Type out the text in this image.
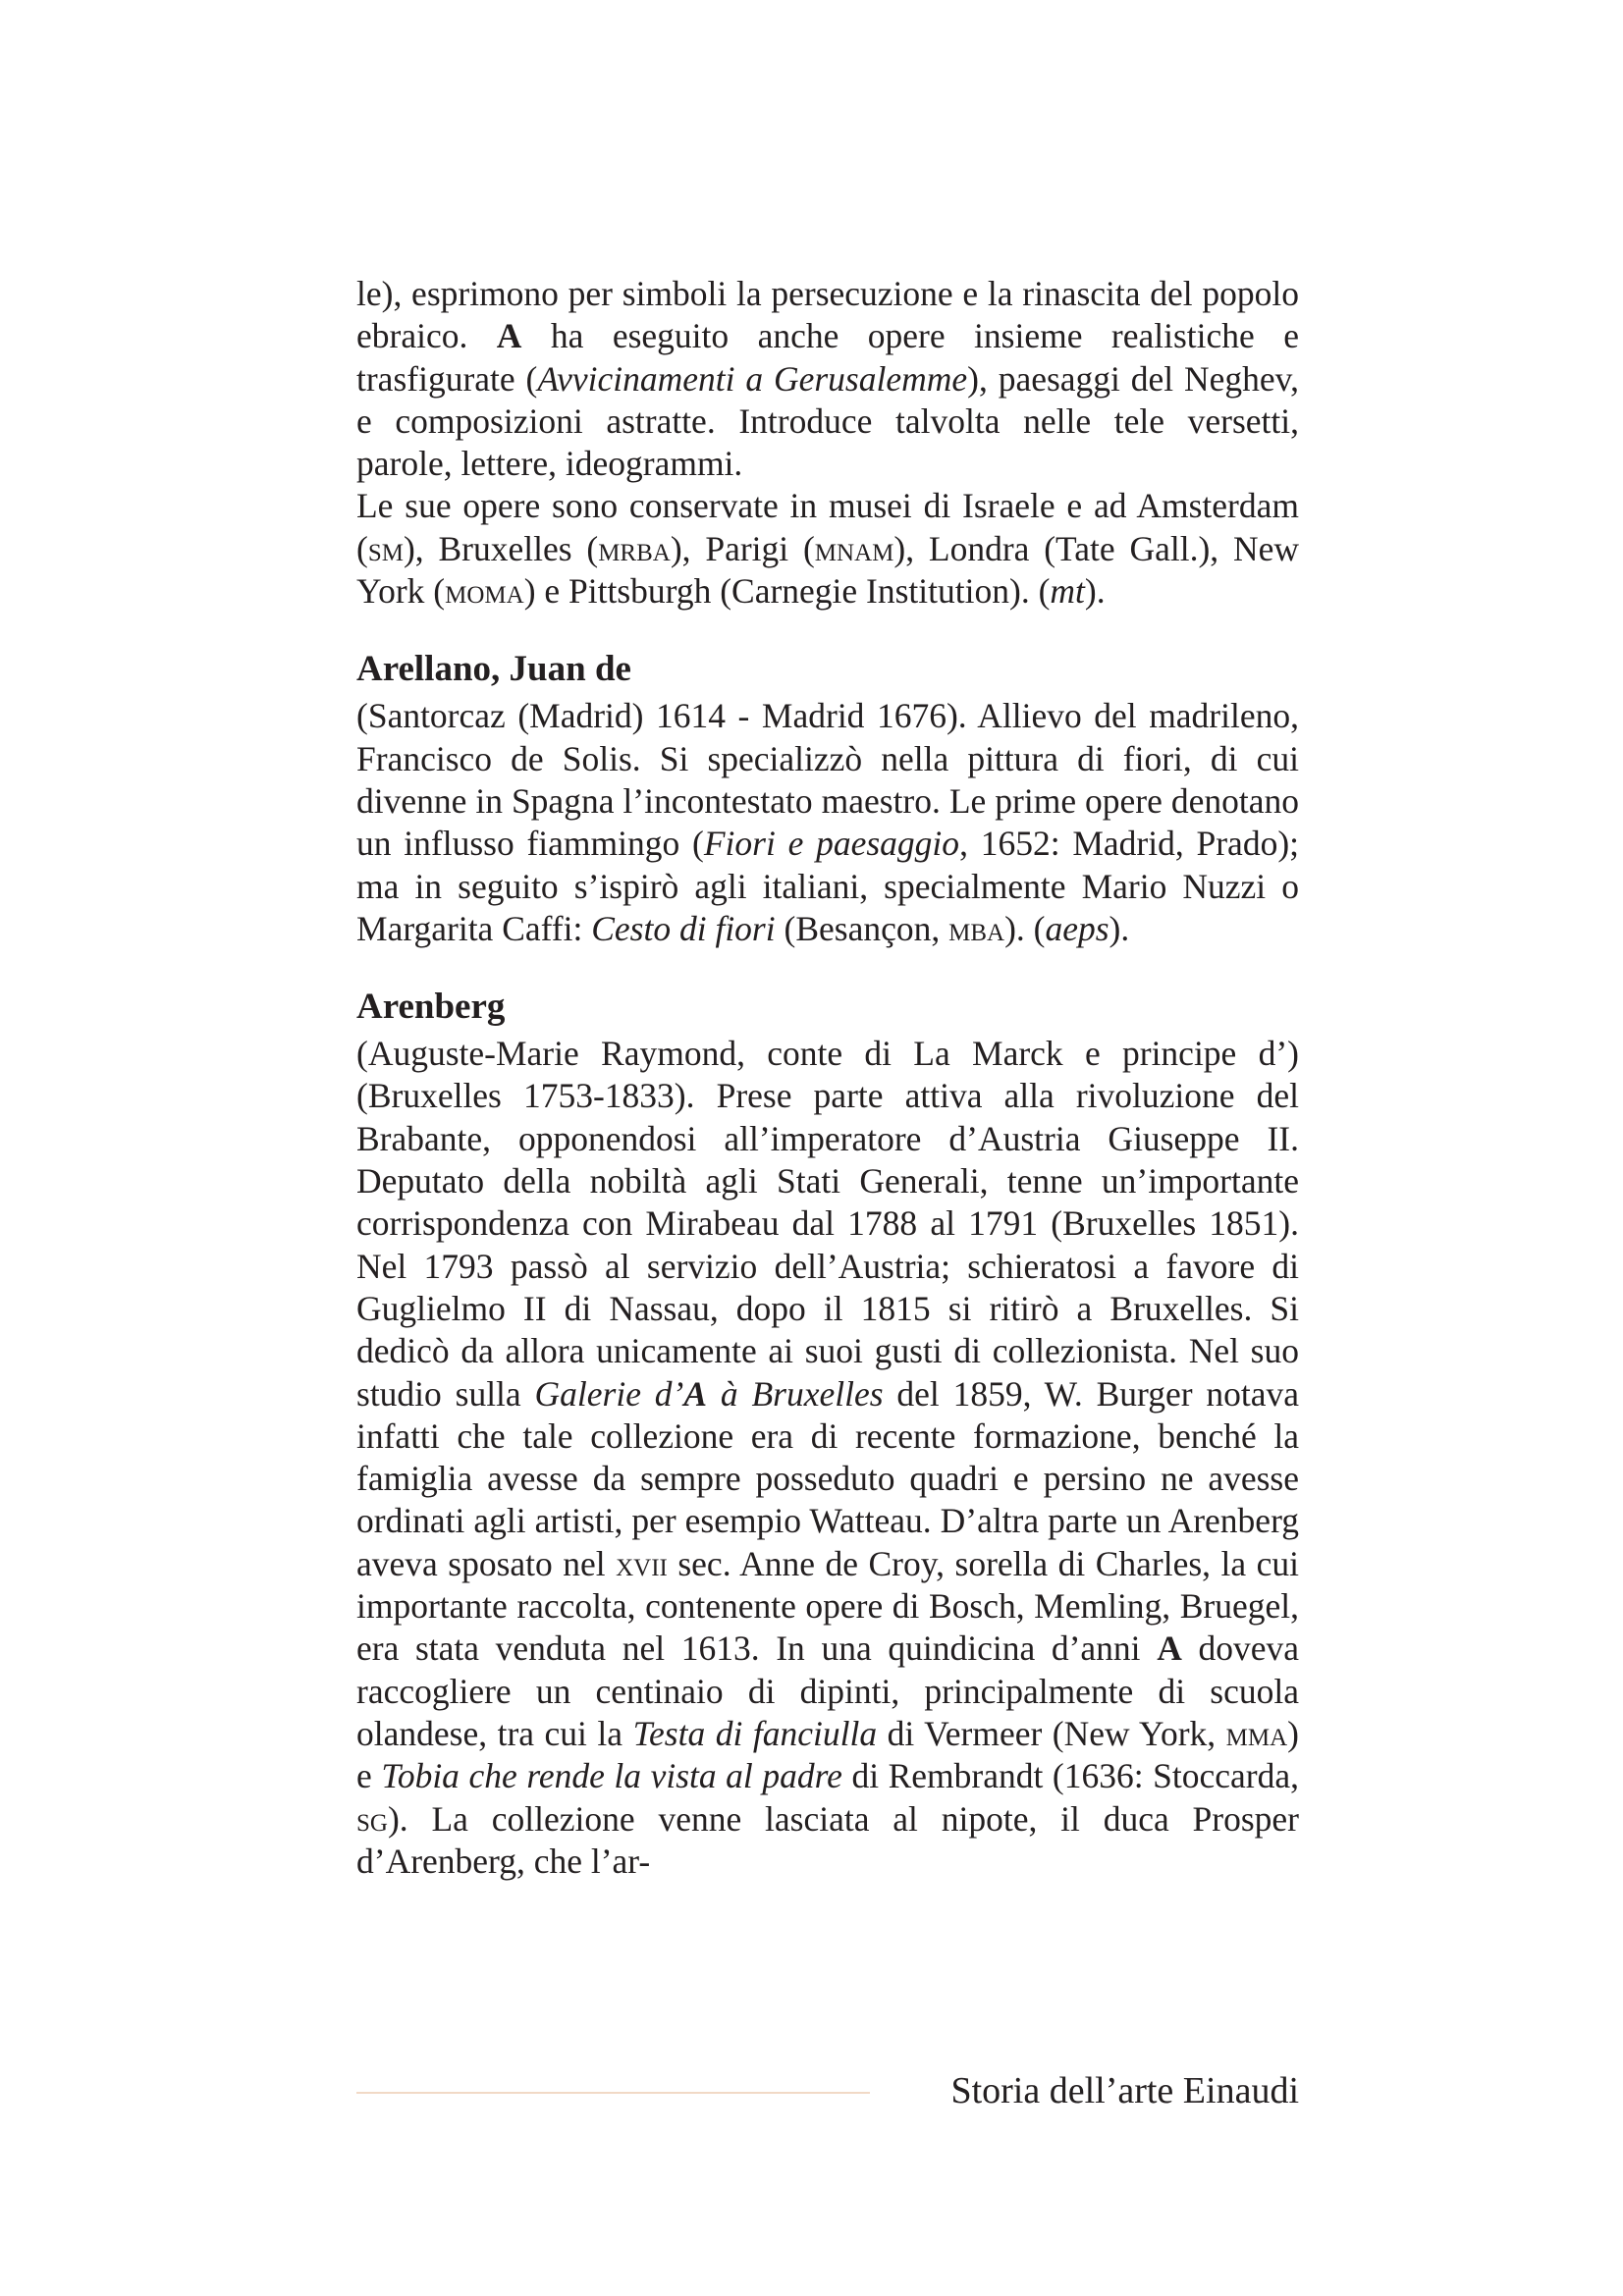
le), esprimono per simboli la persecuzione e la rinascita del popolo ebraico. A ha eseguito anche opere insieme realistiche e trasfigurate (Avvicinamenti a Gerusalemme), paesaggi del Neghev, e composizioni astratte. Introduce talvolta nelle tele versetti, parole, lettere, ideogrammi.

Le sue opere sono conservate in musei di Israele e ad Amsterdam (sm), Bruxelles (mrba), Parigi (mnam), Londra (Tate Gall.), New York (moma) e Pittsburgh (Carnegie Institution). (mt).

Arellano, Juan de

(Santorcaz (Madrid) 1614 - Madrid 1676). Allievo del madrileno, Francisco de Solis. Si specializzò nella pittura di fiori, di cui divenne in Spagna l’incontestato maestro. Le prime opere denotano un influsso fiammingo (Fiori e paesaggio, 1652: Madrid, Prado); ma in seguito s’ispirò agli italiani, specialmente Mario Nuzzi o Margarita Caffi: Cesto di fiori (Besançon, mba). (aeps).

Arenberg

(Auguste-Marie Raymond, conte di La Marck e principe d’) (Bruxelles 1753-1833). Prese parte attiva alla rivoluzione del Brabante, opponendosi all’imperatore d’Austria Giuseppe II. Deputato della nobiltà agli Stati Generali, tenne un’importante corrispondenza con Mirabeau dal 1788 al 1791 (Bruxelles 1851). Nel 1793 passò al servizio dell’Austria; schieratosi a favore di Guglielmo II di Nassau, dopo il 1815 si ritirò a Bruxelles. Si dedicò da allora unicamente ai suoi gusti di collezionista. Nel suo studio sulla Galerie d’A à Bruxelles del 1859, W. Burger notava infatti che tale collezione era di recente formazione, benché la famiglia avesse da sempre posseduto quadri e persino ne avesse ordinati agli artisti, per esempio Watteau. D’altra parte un Arenberg aveva sposato nel xvii sec. Anne de Croy, sorella di Charles, la cui importante raccolta, contenente opere di Bosch, Memling, Bruegel, era stata venduta nel 1613. In una quindicina d’anni A doveva raccogliere un centinaio di dipinti, principalmente di scuola olandese, tra cui la Testa di fanciulla di Vermeer (New York, mma) e Tobia che rende la vista al padre di Rembrandt (1636: Stoccarda, sg). La collezione venne lasciata al nipote, il duca Prosper d’Arenberg, che l’ar-

Storia dell’arte Einaudi
